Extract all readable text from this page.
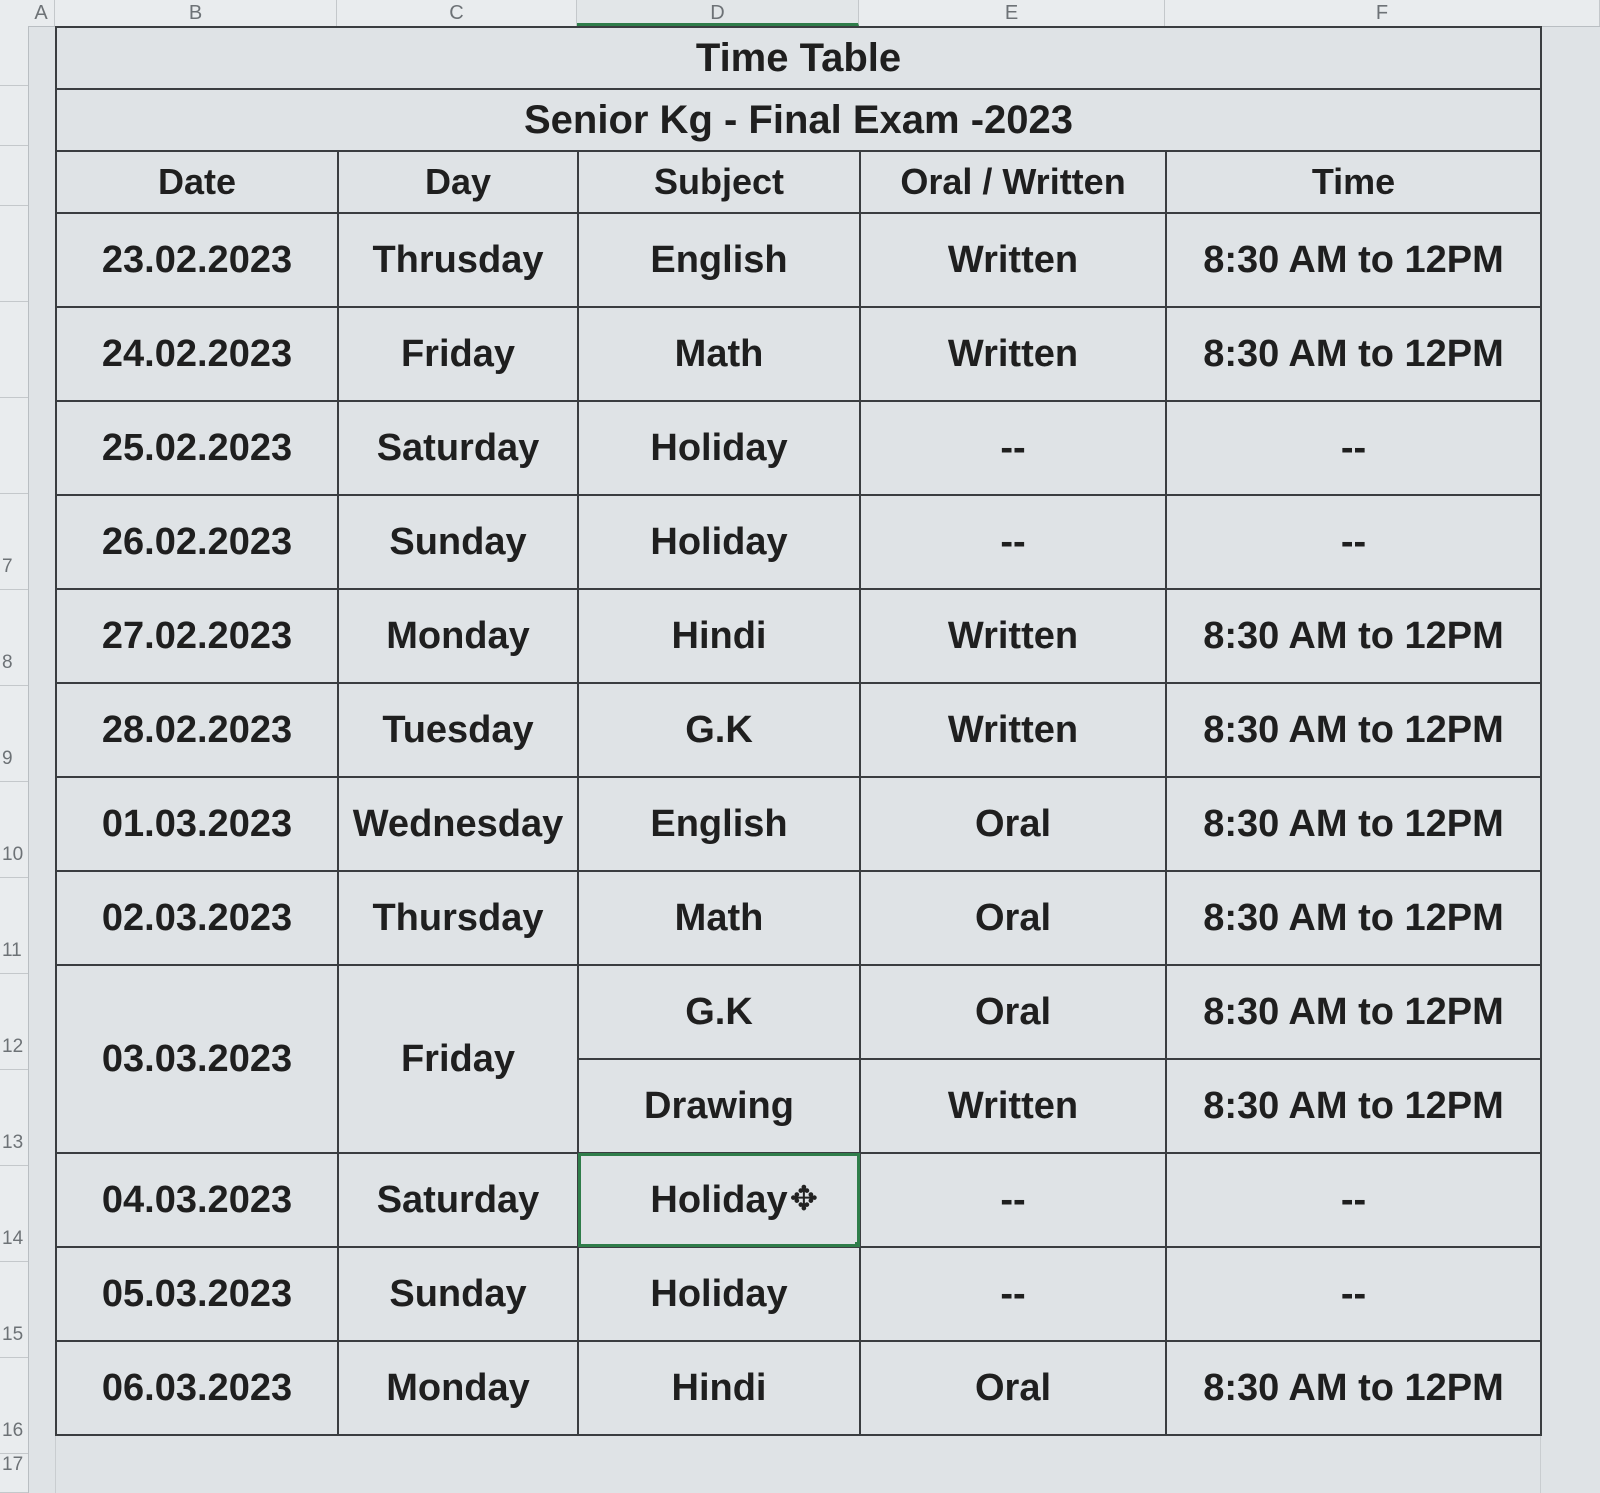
A	B	C	D	E	F
7
8
9
10
11
12
13
14
15
16
17
Time Table				
Senior Kg - Final Exam -2023				
Date	Day	Subject	Oral / Written	Time
23.02.2023	Thrusday	English	Written	8:30 AM to 12PM
24.02.2023	Friday	Math	Written	8:30 AM to 12PM
25.02.2023	Saturday	Holiday	--	--
26.02.2023	Sunday	Holiday	--	--
27.02.2023	Monday	Hindi	Written	8:30 AM to 12PM
28.02.2023	Tuesday	G.K	Written	8:30 AM to 12PM
01.03.2023	Wednesday	English	Oral	8:30 AM to 12PM
02.03.2023	Thursday	Math	Oral	8:30 AM to 12PM
03.03.2023	Friday	G.K	Oral	8:30 AM to 12PM
		Drawing	Written	8:30 AM to 12PM
04.03.2023	Saturday	Holiday ✥	--	--
05.03.2023	Sunday	Holiday	--	--
06.03.2023	Monday	Hindi	Oral	8:30 AM to 12PM
